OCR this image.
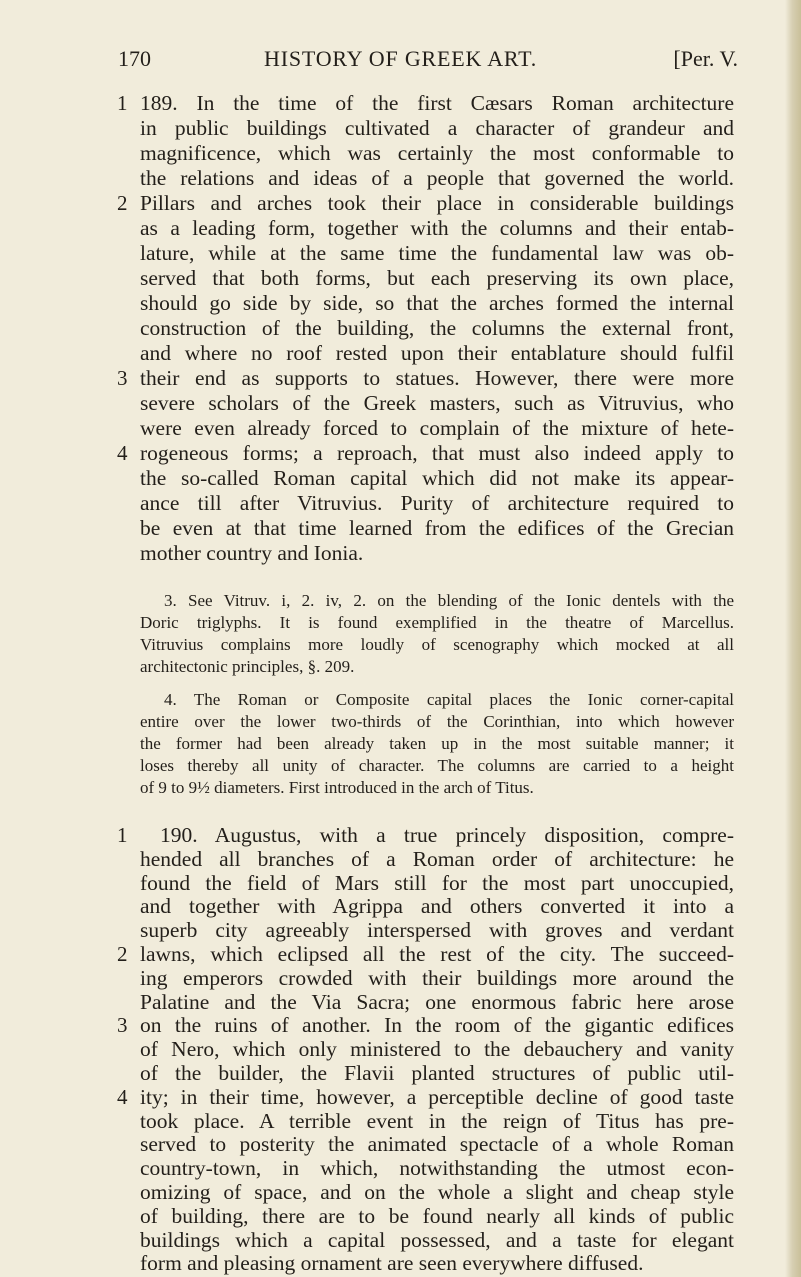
170	HISTORY OF GREEK ART.	[Per. V.
189. In the time of the first Cæsars Roman architecture
in public buildings cultivated a character of grandeur and
magnificence, which was certainly the most conformable to
the relations and ideas of a people that governed the world.
Pillars and arches took their place in considerable buildings
as a leading form, together with the columns and their entab-
lature, while at the same time the fundamental law was ob-
served that both forms, but each preserving its own place,
should go side by side, so that the arches formed the internal
construction of the building, the columns the external front,
and where no roof rested upon their entablature should fulfil
their end as supports to statues. However, there were more
severe scholars of the Greek masters, such as Vitruvius, who
were even already forced to complain of the mixture of hete-
rogeneous forms; a reproach, that must also indeed apply to
the so-called Roman capital which did not make its appear-
ance till after Vitruvius. Purity of architecture required to
be even at that time learned from the edifices of the Grecian
mother country and Ionia.
1
2
3
4
3. See Vitruv. i, 2. iv, 2. on the blending of the Ionic dentels with the
Doric triglyphs. It is found exemplified in the theatre of Marcellus.
Vitruvius complains more loudly of scenography which mocked at all
architectonic principles, §. 209.
4. The Roman or Composite capital places the Ionic corner-capital
entire over the lower two-thirds of the Corinthian, into which however
the former had been already taken up in the most suitable manner; it
loses thereby all unity of character. The columns are carried to a height
of 9 to 9½ diameters. First introduced in the arch of Titus.
190. Augustus, with a true princely disposition, compre-
hended all branches of a Roman order of architecture: he
found the field of Mars still for the most part unoccupied,
and together with Agrippa and others converted it into a
superb city agreeably interspersed with groves and verdant
lawns, which eclipsed all the rest of the city. The succeed-
ing emperors crowded with their buildings more around the
Palatine and the Via Sacra; one enormous fabric here arose
on the ruins of another. In the room of the gigantic edifices
of Nero, which only ministered to the debauchery and vanity
of the builder, the Flavii planted structures of public util-
ity; in their time, however, a perceptible decline of good taste
took place. A terrible event in the reign of Titus has pre-
served to posterity the animated spectacle of a whole Roman
country-town, in which, notwithstanding the utmost econ-
omizing of space, and on the whole a slight and cheap style
of building, there are to be found nearly all kinds of public
buildings which a capital possessed, and a taste for elegant
form and pleasing ornament are seen everywhere diffused.
1
2
3
4
